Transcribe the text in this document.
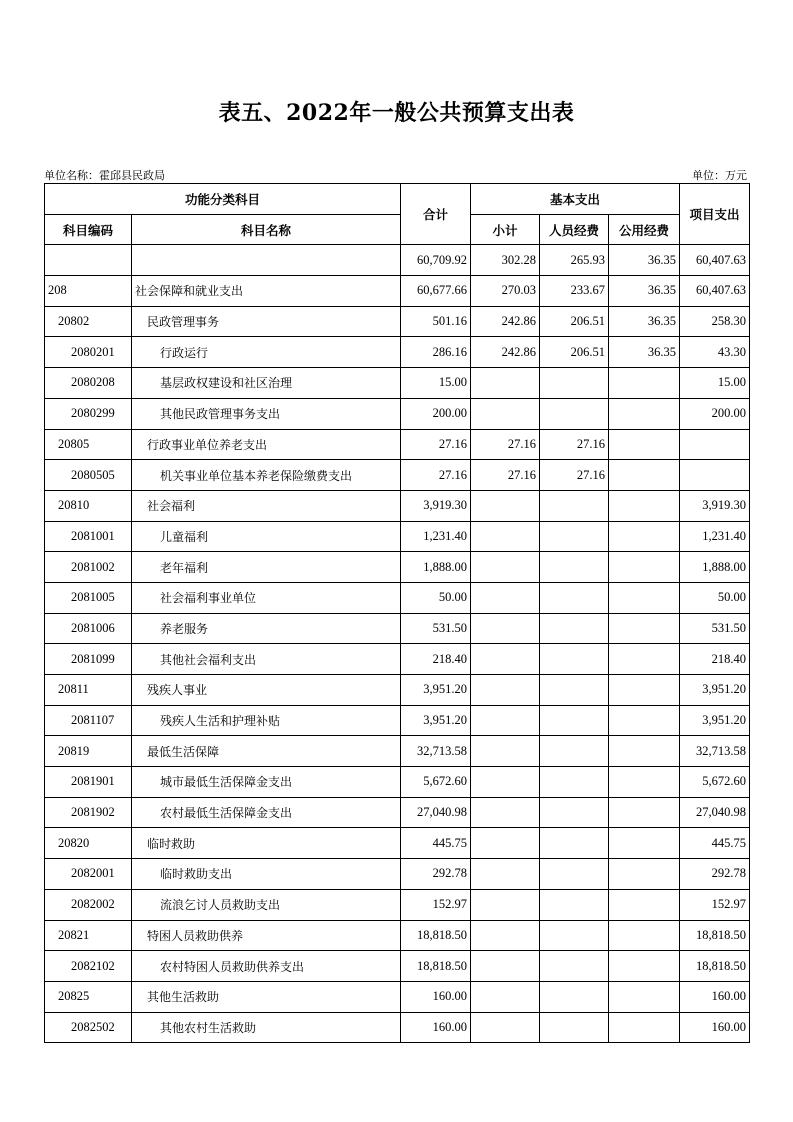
表五、2022年一般公共预算支出表
单位名称：霍邱县民政局	单位：万元
功能分类科目		合计	基本支出			项目支出
科目编码	科目名称		小计	人员经费	公用经费	
		60,709.92	302.28	265.93	36.35	60,407.63
208	社会保障和就业支出	60,677.66	270.03	233.67	36.35	60,407.63
20802	民政管理事务	501.16	242.86	206.51	36.35	258.30
2080201	行政运行	286.16	242.86	206.51	36.35	43.30
2080208	基层政权建设和社区治理	15.00				15.00
2080299	其他民政管理事务支出	200.00				200.00
20805	行政事业单位养老支出	27.16	27.16	27.16		
2080505	机关事业单位基本养老保险缴费支出	27.16	27.16	27.16		
20810	社会福利	3,919.30				3,919.30
2081001	儿童福利	1,231.40				1,231.40
2081002	老年福利	1,888.00				1,888.00
2081005	社会福利事业单位	50.00				50.00
2081006	养老服务	531.50				531.50
2081099	其他社会福利支出	218.40				218.40
20811	残疾人事业	3,951.20				3,951.20
2081107	残疾人生活和护理补贴	3,951.20				3,951.20
20819	最低生活保障	32,713.58				32,713.58
2081901	城市最低生活保障金支出	5,672.60				5,672.60
2081902	农村最低生活保障金支出	27,040.98				27,040.98
20820	临时救助	445.75				445.75
2082001	临时救助支出	292.78				292.78
2082002	流浪乞讨人员救助支出	152.97				152.97
20821	特困人员救助供养	18,818.50				18,818.50
2082102	农村特困人员救助供养支出	18,818.50				18,818.50
20825	其他生活救助	160.00				160.00
2082502	其他农村生活救助	160.00				160.00
